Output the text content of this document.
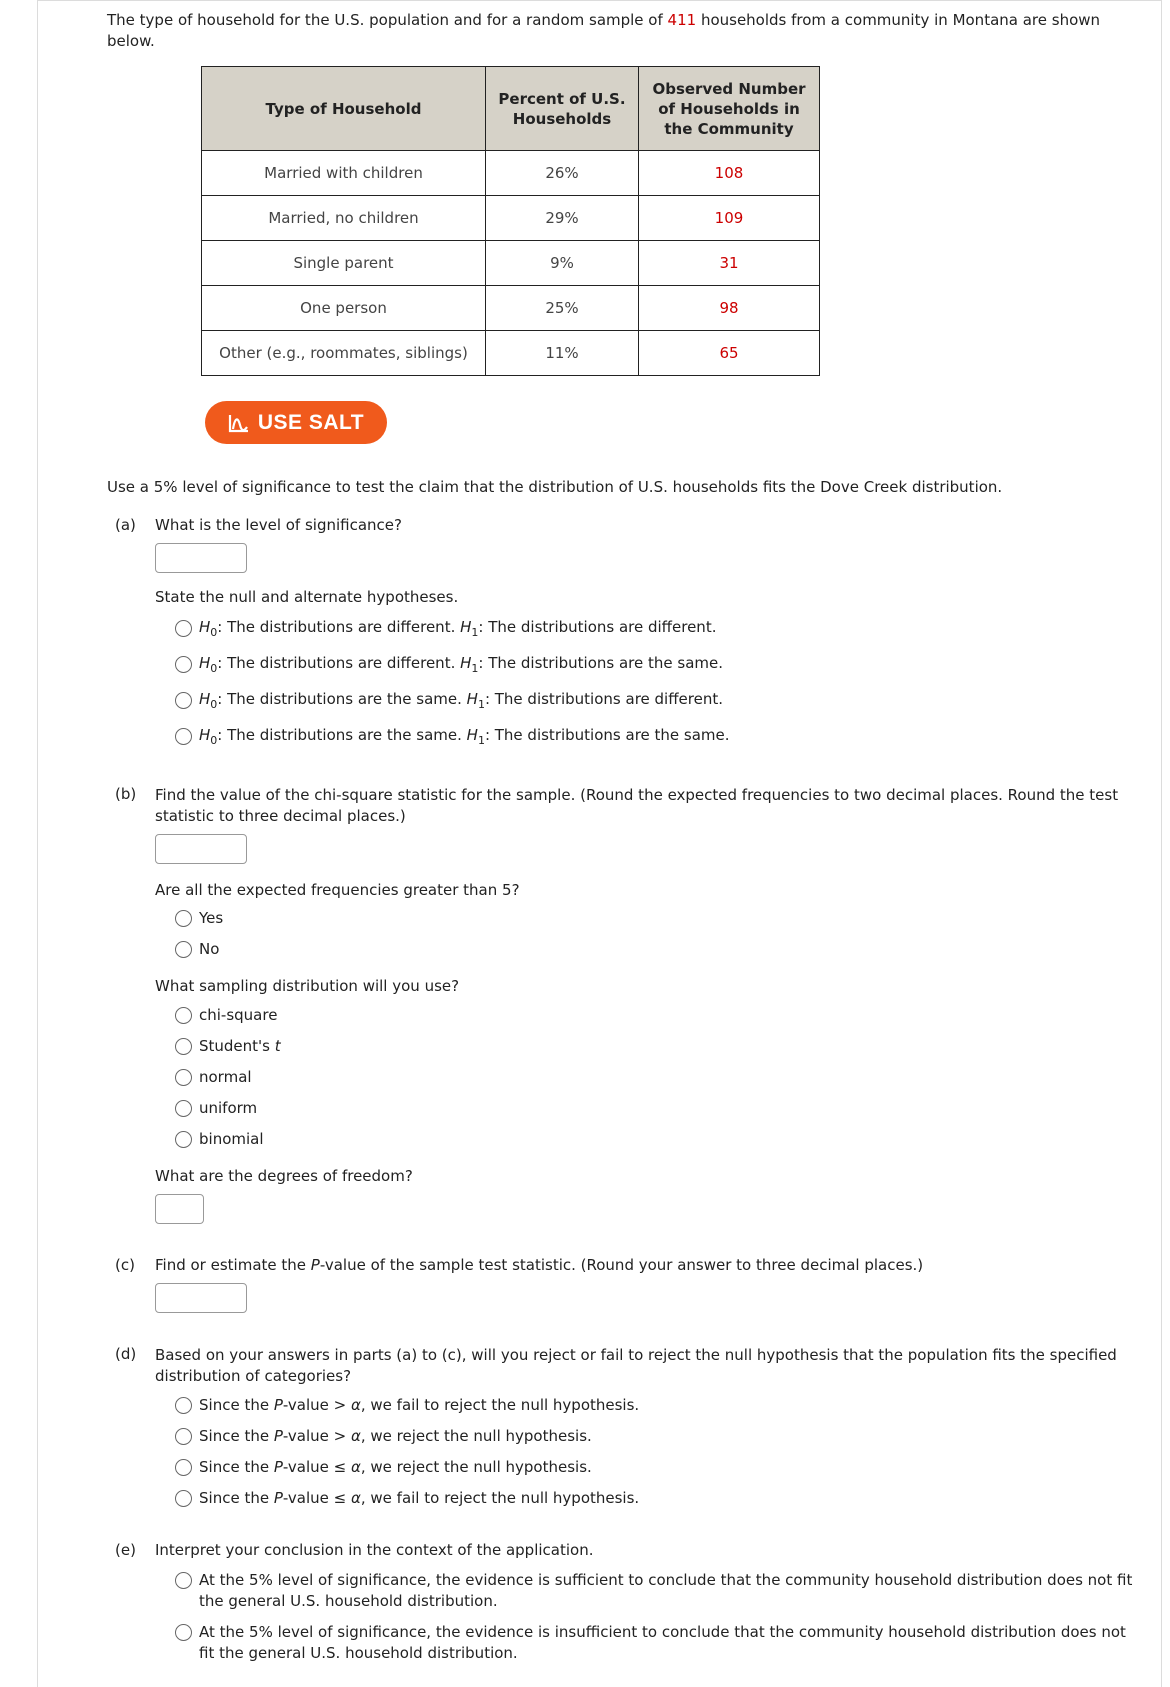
The type of household for the U.S. population and for a random sample of 411 households from a community in Montana are shown below.
Type of Household	Percent of U.S. Households	Observed Number of Households in the Community
Married with children	26%	108
Married, no children	29%	109
Single parent	9%	31
One person	25%	98
Other (e.g., roommates, siblings)	11%	65
USE SALT
Use a 5% level of significance to test the claim that the distribution of U.S. households fits the Dove Creek distribution.
(a) What is the level of significance?
State the null and alternate hypotheses.
$H_0$: The distributions are different. $H_1$: The distributions are different.
$H_0$: The distributions are different. $H_1$: The distributions are the same.
$H_0$: The distributions are the same. $H_1$: The distributions are different.
$H_0$: The distributions are the same. $H_1$: The distributions are the same.
(b) Find the value of the chi-square statistic for the sample. (Round the expected frequencies to two decimal places. Round the test statistic to three decimal places.)
Are all the expected frequencies greater than 5?
Yes
No
What sampling distribution will you use?
chi-square
Student's t
normal
uniform
binomial
What are the degrees of freedom?
(c) Find or estimate the P-value of the sample test statistic. (Round your answer to three decimal places.)
(d) Based on your answers in parts (a) to (c), will you reject or fail to reject the null hypothesis that the population fits the specified distribution of categories?
Since the P-value > α, we fail to reject the null hypothesis.
Since the P-value > α, we reject the null hypothesis.
Since the P-value ≤ α, we reject the null hypothesis.
Since the P-value ≤ α, we fail to reject the null hypothesis.
(e) Interpret your conclusion in the context of the application.
At the 5% level of significance, the evidence is sufficient to conclude that the community household distribution does not fit the general U.S. household distribution.
At the 5% level of significance, the evidence is insufficient to conclude that the community household distribution does not fit the general U.S. household distribution.
